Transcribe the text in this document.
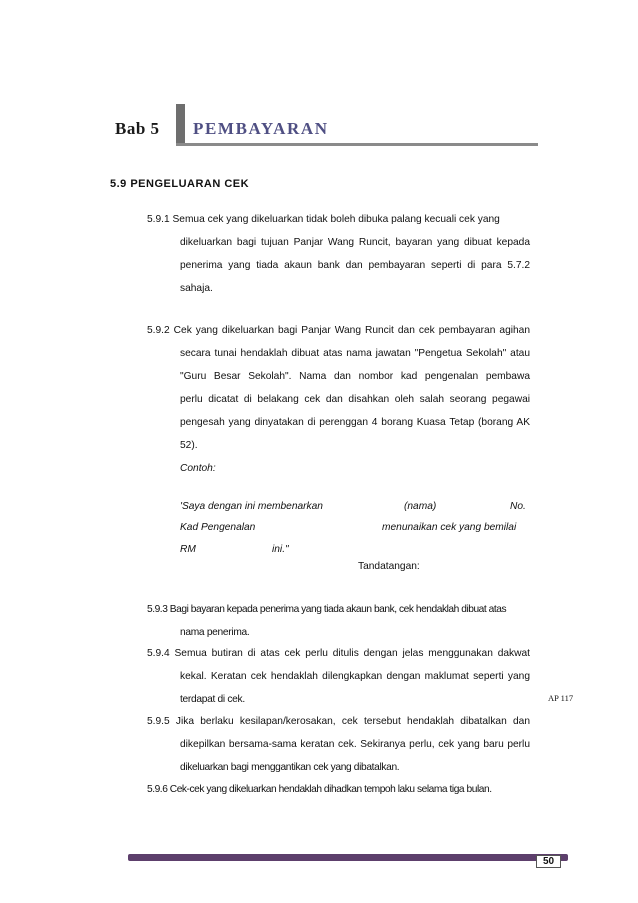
Bab 5 PEMBAYARAN
5.9 PENGELUARAN CEK
5.9.1 Semua cek yang dikeluarkan tidak boleh dibuka palang kecuali cek yang
dikeluarkan bagi tujuan Panjar Wang Runcit, bayaran yang dibuat kepada
penerima yang tiada akaun bank dan pembayaran seperti di para 5.7.2
sahaja.
5.9.2 Cek yang dikeluarkan bagi Panjar Wang Runcit dan cek pembayaran agihan
secara tunai hendaklah dibuat atas nama jawatan "Pengetua Sekolah" atau
"Guru Besar Sekolah". Nama dan nombor kad pengenalan pembawa
perlu dicatat di belakang cek dan disahkan oleh salah seorang pegawai
pengesah yang dinyatakan di perenggan 4 borang Kuasa Tetap (borang AK
52).
Contoh:
'Saya dengan ini membenarkan	(nama)	No.
Kad Pengenalan	menunaikan cek yang bemilai
RM	ini."
Tandatangan:
5.9.3 Bagi bayaran kepada penerima yang tiada akaun bank, cek hendaklah dibuat atas
nama penerima.
5.9.4 Semua butiran di atas cek perlu ditulis dengan jelas menggunakan dakwat
kekal. Keratan cek hendaklah dilengkapkan dengan maklumat seperti yang
terdapat di cek.
5.9.5 Jika berlaku kesilapan/kerosakan, cek tersebut hendaklah dibatalkan dan
dikepilkan bersama-sama keratan cek. Sekiranya perlu, cek yang baru perlu
dikeluarkan bagi menggantikan cek yang dibatalkan.
AP 117
5.9.6 Cek-cek yang dikeluarkan hendaklah dihadkan tempoh laku selama tiga bulan.
50
